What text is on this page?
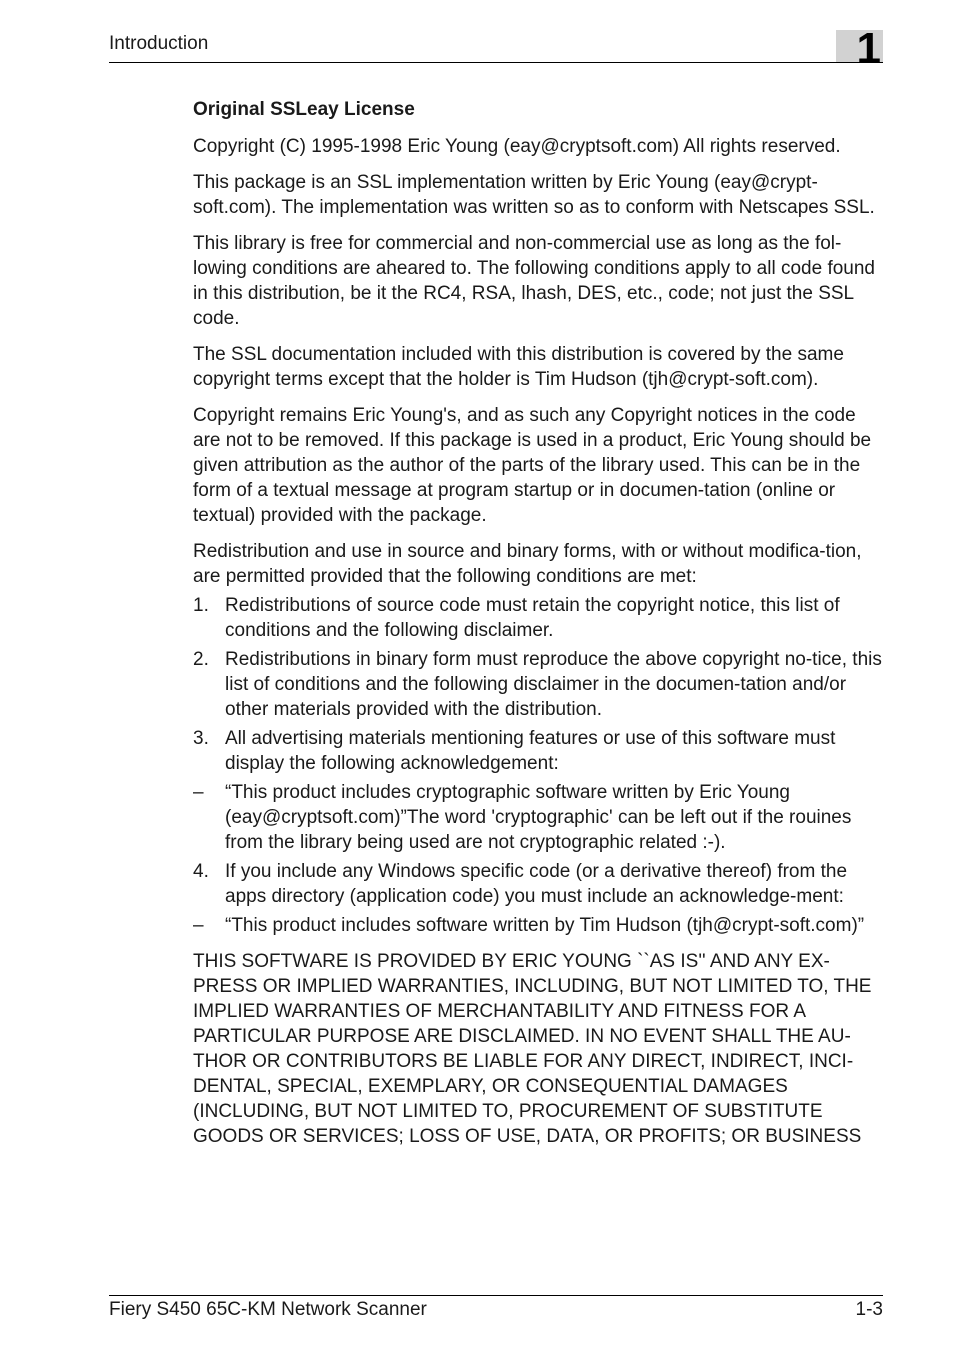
Introduction	1
Original SSLeay License

Copyright (C) 1995-1998 Eric Young (eay@cryptsoft.com) All rights reserved.

This package is an SSL implementation written by Eric Young (eay@crypt-soft.com). The implementation was written so as to conform with Netscapes SSL.

This library is free for commercial and non-commercial use as long as the fol-lowing conditions are aheared to. The following conditions apply to all code found in this distribution, be it the RC4, RSA, lhash, DES, etc., code; not just the SSL code.

The SSL documentation included with this distribution is covered by the same copyright terms except that the holder is Tim Hudson (tjh@crypt-soft.com).

Copyright remains Eric Young's, and as such any Copyright notices in the code are not to be removed. If this package is used in a product, Eric Young should be given attribution as the author of the parts of the library used. This can be in the form of a textual message at program startup or in documen-tation (online or textual) provided with the package.

Redistribution and use in source and binary forms, with or without modifica-tion, are permitted provided that the following conditions are met:

1. Redistributions of source code must retain the copyright notice, this list of conditions and the following disclaimer.
2. Redistributions in binary form must reproduce the above copyright no-tice, this list of conditions and the following disclaimer in the documen-tation and/or other materials provided with the distribution.
3. All advertising materials mentioning features or use of this software must display the following acknowledgement:
–	“This product includes cryptographic software written by Eric Young (eay@cryptsoft.com)”The word 'cryptographic' can be left out if the rouines from the library being used are not cryptographic related :-).
4. If you include any Windows specific code (or a derivative thereof) from the apps directory (application code) you must include an acknowledge-ment:
–	“This product includes software written by Tim Hudson (tjh@crypt-soft.com)”

THIS SOFTWARE IS PROVIDED BY ERIC YOUNG ``AS IS'' AND ANY EX-PRESS OR IMPLIED WARRANTIES, INCLUDING, BUT NOT LIMITED TO, THE IMPLIED WARRANTIES OF MERCHANTABILITY AND FITNESS FOR A PARTICULAR PURPOSE ARE DISCLAIMED. IN NO EVENT SHALL THE AU-THOR OR CONTRIBUTORS BE LIABLE FOR ANY DIRECT, INDIRECT, INCI-DENTAL, SPECIAL, EXEMPLARY, OR CONSEQUENTIAL DAMAGES (INCLUDING, BUT NOT LIMITED TO, PROCUREMENT OF SUBSTITUTE GOODS OR SERVICES; LOSS OF USE, DATA, OR PROFITS; OR BUSINESS

Fiery S450 65C-KM Network Scanner	1-3
